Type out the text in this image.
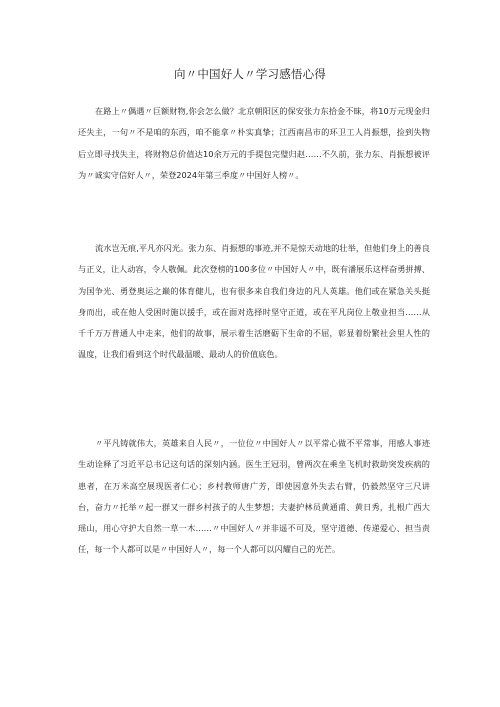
向〃中国好人〃学习感悟心得

在路上〃偶遇〃巨额财物,你会怎么做？北京朝阳区的保安张力东拾金不昧，将10万元现金归还失主，一句〃不是咱的东西，咱不能拿〃朴实真挚；江西南昌市的环卫工人肖振想，捡到失物后立即寻找失主，将财物总价值达10余万元的手提包完璧归赵……不久前，张力东、肖振想被评为〃诚实守信好人〃，荣登2024年第三季度〃中国好人榜〃。

流水岂无痕,平凡亦闪光。张力东、肖振想的事迹,并不是惊天动地的壮举，但他们身上的善良与正义，让人动容，令人敬佩。此次登榜的100多位〃中国好人〃中，既有潘展乐这样奋勇拼搏、为国争光、勇登奥运之巅的体育健儿，也有很多来自我们身边的凡人英雄。他们或在紧急关头挺身而出，或在他人受困时施以援手，或在面对选择时坚守正道，或在平凡岗位上敬业担当……从千千万万普通人中走来，他们的故事，展示着生活磨砺下生命的不屈，彰显着纷繁社会里人性的温度，让我们看到这个时代最温暖、最动人的价值底色。

〃平凡铸就伟大，英雄来自人民〃，一位位〃中国好人〃以平常心做不平常事，用感人事迹生动诠释了习近平总书记这句话的深刻内涵。医生王冠羽，曾两次在乘坐飞机时救助突发疾病的患者，在万米高空展现医者仁心；乡村教师唐广芳，即使因意外失去右臂，仍毅然坚守三尺讲台，奋力〃托举〃起一群又一群乡村孩子的人生梦想；夫妻护林员黄通甫、黄日秀，扎根广西大瑶山，用心守护大自然一草一木……〃中国好人〃并非遥不可及，坚守道德、传递爱心、担当责任，每一个人都可以是〃中国好人〃，每一个人都可以闪耀自己的光芒。
